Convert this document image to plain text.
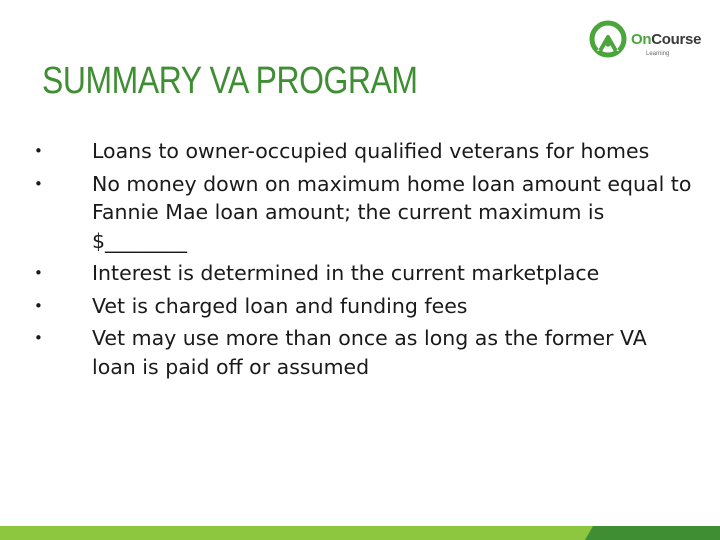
OnCourse
Learning
SUMMARY VA PROGRAM
• Loans to owner-occupied qualified veterans for homes
• No money down on maximum home loan amount equal to Fannie Mae loan amount; the current maximum is $________
• Interest is determined in the current marketplace
• Vet is charged loan and funding fees
• Vet may use more than once as long as the former VA loan is paid off or assumed
